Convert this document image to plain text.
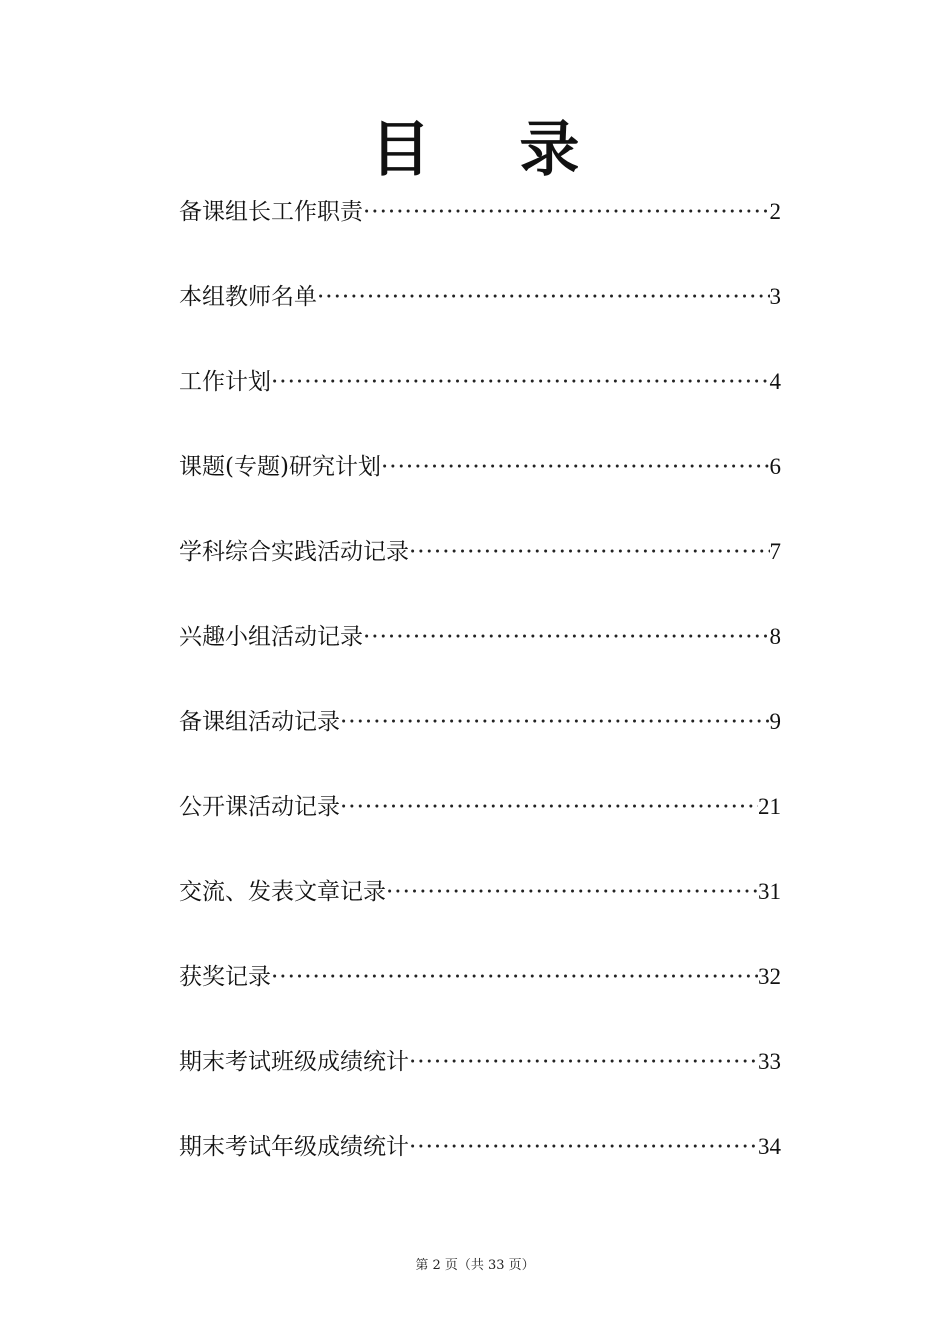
目 录
备课组长工作职责 ·····	2
本组教师名单 ·····	3
工作计划 ·····	4
课题(专题)研究计划 ·····	6
学科综合实践活动记录 ·····	7
兴趣小组活动记录 ·····	8
备课组活动记录 ·····	9
公开课活动记录 ·····	21
交流、发表文章记录 ·····	31
获奖记录 ·····	32
期末考试班级成绩统计 ·····	33
期末考试年级成绩统计 ·····	34
第 2 页（共 33 页）
